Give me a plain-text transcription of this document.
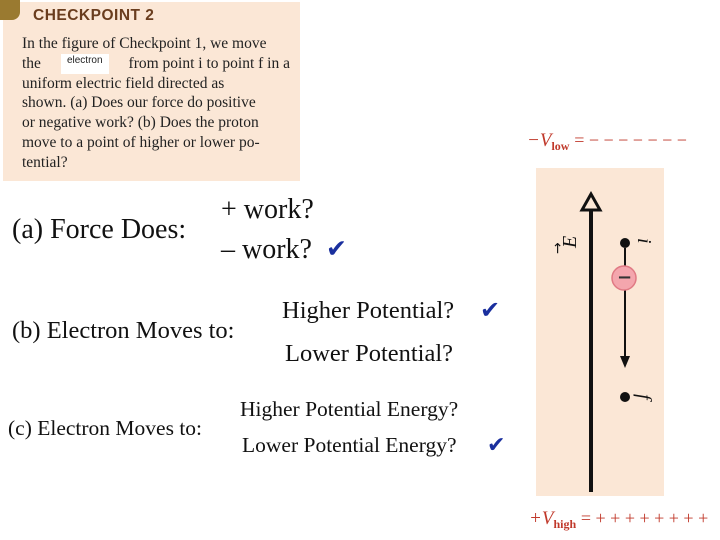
CHECKPOINT 2
In the figure of Checkpoint 1, we move
the	electron	from point i to point f in a
uniform electric field directed as
shown. (a) Does our force do positive
or negative work? (b) Does the proton
move to a point of higher or lower po-
tential?
(a) Force Does:
+ work?
– work? ✔
(b) Electron Moves to:
Higher Potential? ✔
Lower Potential?
(c) Electron Moves to:
Higher Potential Energy?
Lower Potential Energy? ✔
$-V_{low}$ = − − − − − − −
E
→
i
f
−
$+V_{high}$ = + + + + + + + +
